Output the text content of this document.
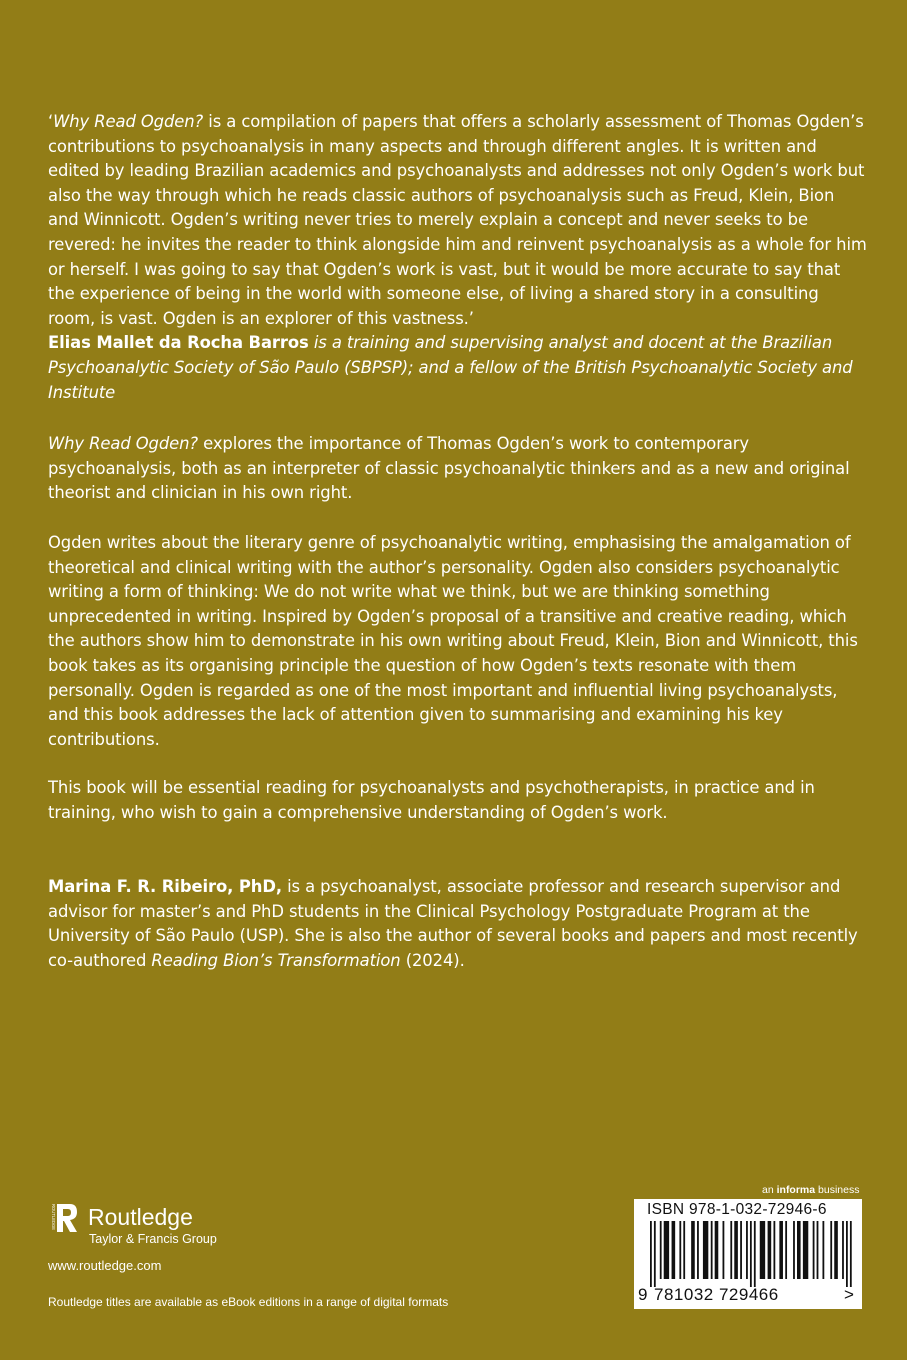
‘Why Read Ogden? is a compilation of papers that offers a scholarly assessment of Thomas Ogden’s contributions to psychoanalysis in many aspects and through different angles. It is written and edited by leading Brazilian academics and psychoanalysts and addresses not only Ogden’s work but also the way through which he reads classic authors of psychoanalysis such as Freud, Klein, Bion and Winnicott. Ogden’s writing never tries to merely explain a concept and never seeks to be revered: he invites the reader to think alongside him and reinvent psychoanalysis as a whole for him or herself. I was going to say that Ogden’s work is vast, but it would be more accurate to say that the experience of being in the world with someone else, of living a shared story in a consulting room, is vast. Ogden is an explorer of this vastness.’
Elias Mallet da Rocha Barros is a training and supervising analyst and docent at the Brazilian Psychoanalytic Society of São Paulo (SBPSP); and a fellow of the British Psychoanalytic Society and Institute
Why Read Ogden? explores the importance of Thomas Ogden’s work to contemporary psychoanalysis, both as an interpreter of classic psychoanalytic thinkers and as a new and original theorist and clinician in his own right.
Ogden writes about the literary genre of psychoanalytic writing, emphasising the amalgamation of theoretical and clinical writing with the author’s personality. Ogden also considers psychoanalytic writing a form of thinking: We do not write what we think, but we are thinking something unprecedented in writing. Inspired by Ogden’s proposal of a transitive and creative reading, which the authors show him to demonstrate in his own writing about Freud, Klein, Bion and Winnicott, this book takes as its organising principle the question of how Ogden’s texts resonate with them personally. Ogden is regarded as one of the most important and influential living psychoanalysts, and this book addresses the lack of attention given to summarising and examining his key contributions.
This book will be essential reading for psychoanalysts and psychotherapists, in practice and in training, who wish to gain a comprehensive understanding of Ogden’s work.
Marina F. R. Ribeiro, PhD, is a psychoanalyst, associate professor and research supervisor and advisor for master’s and PhD students in the Clinical Psychology Postgraduate Program at the University of São Paulo (USP). She is also the author of several books and papers and most recently co-authored Reading Bion’s Transformation (2024).
ROUTLEDGE Routledge
Taylor & Francis Group
www.routledge.com
Routledge titles are available as eBook editions in a range of digital formats
an informa business
ISBN 978-1-032-72946-6
9 781032 729466	>
